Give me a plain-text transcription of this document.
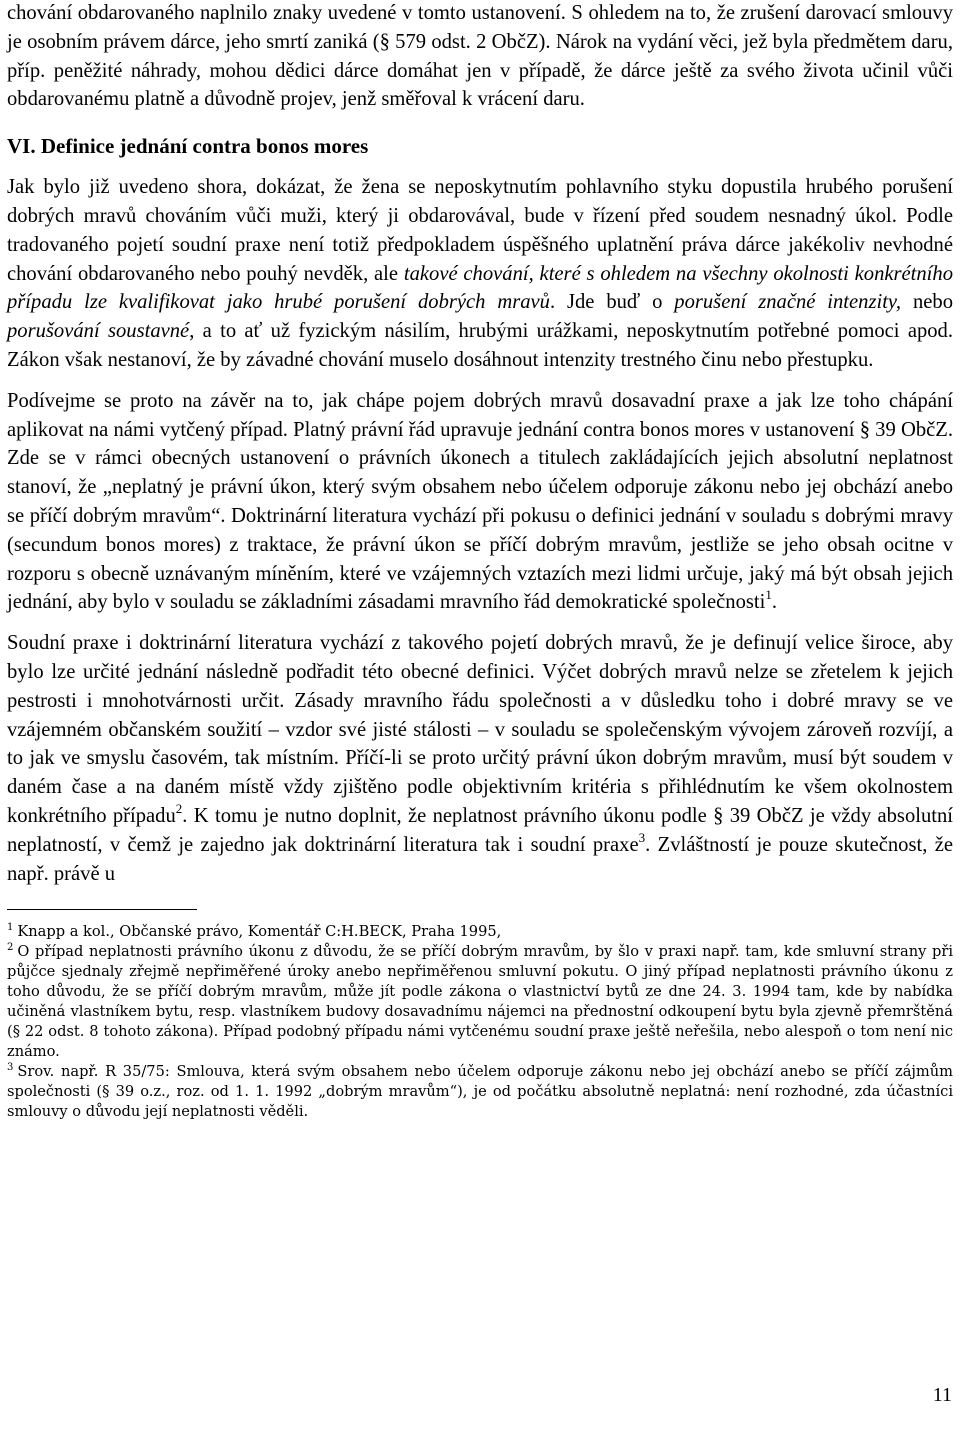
chování obdarovaného naplnilo znaky uvedené v tomto ustanovení. S ohledem na to, že zrušení darovací smlouvy je osobním právem dárce, jeho smrtí zaniká (§ 579 odst. 2 ObčZ). Nárok na vydání věci, jež byla předmětem daru, příp. peněžité náhrady, mohou dědici dárce domáhat jen v případě, že dárce ještě za svého života učinil vůči obdarovanému platně a důvodně projev, jenž směřoval k vrácení daru.

VI. Definice jednání contra bonos mores

Jak bylo již uvedeno shora, dokázat, že žena se neposkytnutím pohlavního styku dopustila hrubého porušení dobrých mravů chováním vůči muži, který ji obdarovával, bude v řízení před soudem nesnadný úkol. Podle tradovaného pojetí soudní praxe není totiž předpokladem úspěšného uplatnění práva dárce jakékoliv nevhodné chování obdarovaného nebo pouhý nevděk, ale takové chování, které s ohledem na všechny okolnosti konkrétního případu lze kvalifikovat jako hrubé porušení dobrých mravů. Jde buď o porušení značné intenzity, nebo porušování soustavné, a to ať už fyzickým násilím, hrubými urážkami, neposkytnutím potřebné pomoci apod. Zákon však nestanoví, že by závadné chování muselo dosáhnout intenzity trestného činu nebo přestupku.

Podívejme se proto na závěr na to, jak chápe pojem dobrých mravů dosavadní praxe a jak lze toho chápání aplikovat na námi vytčený případ. Platný právní řád upravuje jednání contra bonos mores v ustanovení § 39 ObčZ. Zde se v rámci obecných ustanovení o právních úkonech a titulech zakládajících jejich absolutní neplatnost stanoví, že „neplatný je právní úkon, který svým obsahem nebo účelem odporuje zákonu nebo jej obchází anebo se příčí dobrým mravům“. Doktrinární literatura vychází při pokusu o definici jednání v souladu s dobrými mravy (secundum bonos mores) z traktace, že právní úkon se příčí dobrým mravům, jestliže se jeho obsah ocitne v rozporu s obecně uznávaným míněním, které ve vzájemných vztazích mezi lidmi určuje, jaký má být obsah jejich jednání, aby bylo v souladu se základními zásadami mravního řád demokratické společnosti$^1$.

Soudní praxe i doktrinární literatura vychází z takového pojetí dobrých mravů, že je definují velice široce, aby bylo lze určité jednání následně podřadit této obecné definici. Výčet dobrých mravů nelze se zřetelem k jejich pestrosti i mnohotvárnosti určit. Zásady mravního řádu společnosti a v důsledku toho i dobré mravy se ve vzájemném občanském soužití – vzdor své jisté stálosti – v souladu se společenským vývojem zároveň rozvíjí, a to jak ve smyslu časovém, tak místním. Příčí-li se proto určitý právní úkon dobrým mravům, musí být soudem v daném čase a na daném místě vždy zjištěno podle objektivním kritéria s přihlédnutím ke všem okolnostem konkrétního případu$^2$. K tomu je nutno doplnit, že neplatnost právního úkonu podle § 39 ObčZ je vždy absolutní neplatností, v čemž je zajedno jak doktrinární literatura tak i soudní praxe$^3$. Zvláštností je pouze skutečnost, že např. právě u

$^1$ Knapp a kol., Občanské právo, Komentář C:H.BECK, Praha 1995,

$^2$ O případ neplatnosti právního úkonu z důvodu, že se příčí dobrým mravům, by šlo v praxi např. tam, kde smluvní strany při půjčce sjednaly zřejmě nepřiměřené úroky anebo nepřiměřenou smluvní pokutu. O jiný případ neplatnosti právního úkonu z toho důvodu, že se příčí dobrým mravům, může jít podle zákona o vlastnictví bytů ze dne 24. 3. 1994 tam, kde by nabídka učiněná vlastníkem bytu, resp. vlastníkem budovy dosavadnímu nájemci na přednostní odkoupení bytu byla zjevně přemrštěná (§ 22 odst. 8 tohoto zákona). Případ podobný případu námi vytčenému soudní praxe ještě neřešila, nebo alespoň o tom není nic známo.

$^3$ Srov. např. R 35/75: Smlouva, která svým obsahem nebo účelem odporuje zákonu nebo jej obchází anebo se příčí zájmům společnosti (§ 39 o.z., roz. od 1. 1. 1992 „dobrým mravům“), je od počátku absolutně neplatná: není rozhodné, zda účastníci smlouvy o důvodu její neplatnosti věděli.

11
